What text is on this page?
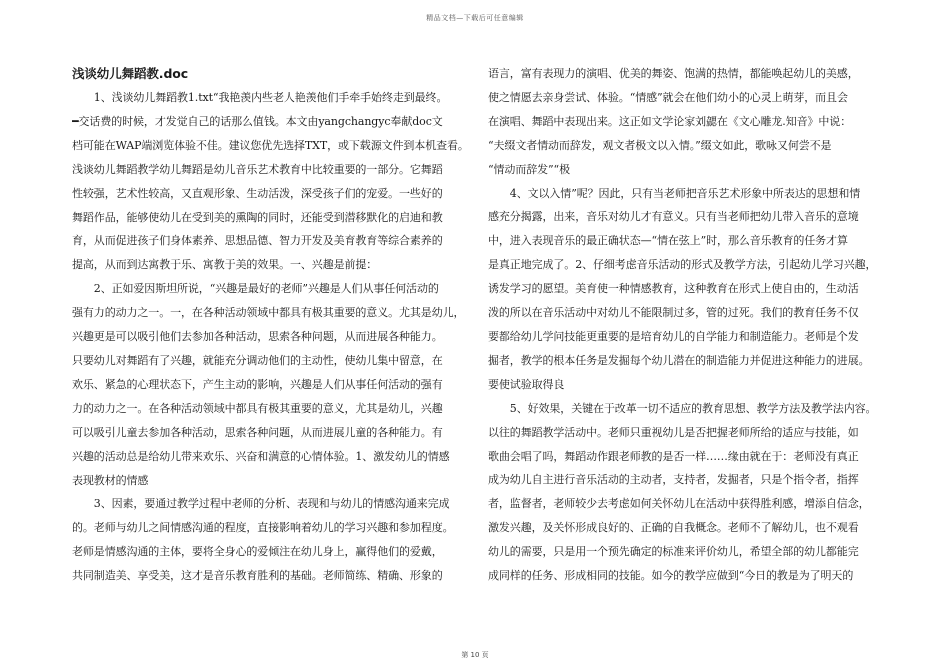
精品文档—下载后可任意编辑
浅谈幼儿舞蹈教.doc
　　1、浅谈幼儿舞蹈教1.txt“我艳羡内些老人艳羡他们手牵手始终走到最终。
━交话费的时候，才发觉自己的话那么值钱。本文由yangchangyc奉献doc文
档可能在WAP端浏览体验不佳。建议您优先选择TXT，或下载源文件到本机查看。
浅谈幼儿舞蹈教学幼儿舞蹈是幼儿音乐艺术教育中比较重要的一部分。它舞蹈
性较强，艺术性较高，又直观形象、生动活泼，深受孩子们的宠爱。一些好的
舞蹈作品，能够使幼儿在受到美的熏陶的同时，还能受到潜移默化的启迪和教
育，从而促进孩子们身体素养、思想品德、智力开发及美育教育等综合素养的
提高，从而到达寓教于乐、寓教于美的效果。一、兴趣是前提：
　　2、正如爱因斯坦所说，“兴趣是最好的老师”兴趣是人们从事任何活动的
强有力的动力之一。一，在各种活动领域中都具有极其重要的意义。尤其是幼儿，
兴趣更是可以吸引他们去参加各种活动，思索各种问题，从而进展各种能力。
只要幼儿对舞蹈有了兴趣，就能充分调动他们的主动性，使幼儿集中留意，在
欢乐、紧急的心理状态下，产生主动的影响，兴趣是人们从事任何活动的强有
力的动力之一。在各种活动领域中都具有极其重要的意义，尤其是幼儿，兴趣
可以吸引儿童去参加各种活动，思索各种问题，从而进展儿童的各种能力。有
兴趣的活动总是给幼儿带来欢乐、兴奋和满意的心情体验。1、激发幼儿的情感
表现教材的情感
　　3、因素，要通过教学过程中老师的分析、表现和与幼儿的情感沟通来完成
的。老师与幼儿之间情感沟通的程度，直接影响着幼儿的学习兴趣和参加程度。
老师是情感沟通的主体，要将全身心的爱倾注在幼儿身上，赢得他们的爱戴，
共同制造美、享受美，这才是音乐教育胜利的基础。老师简练、精确、形象的
语言，富有表现力的演唱、优美的舞姿、饱满的热情，都能唤起幼儿的美感，
使之情愿去亲身尝试、体验。“情感”就会在他们幼小的心灵上萌芽，而且会
在演唱、舞蹈中表现出来。这正如文学论家刘勰在《文心雕龙.知音》中说：
“夫缀文者情动而辞发，观文者极文以入情。”缀文如此，歌咏又何尝不是
“情动而辞发”“极
　　4、文以入情”呢？因此，只有当老师把音乐艺术形象中所表达的思想和情
感充分揭露，出来，音乐对幼儿才有意义。只有当老师把幼儿带入音乐的意境
中，进入表现音乐的最正确状态—“情在弦上”时，那么音乐教育的任务才算
是真正地完成了。2、仔细考虑音乐活动的形式及教学方法，引起幼儿学习兴趣，
诱发学习的愿望。美育使一种情感教育，这种教育在形式上使自由的，生动活
泼的所以在音乐活动中对幼儿不能限制过多，管的过死。我们的教育任务不仅
要都给幼儿学问技能更重要的是培育幼儿的自学能力和制造能力。老师是个发
掘者，教学的根本任务是发掘每个幼儿潜在的制造能力并促进这种能力的进展。
要使试验取得良
　　5、好效果，关键在于改革一切不适应的教育思想、教学方法及教学法内容。
以往的舞蹈教学活动中。老师只重视幼儿是否把握老师所给的适应与技能，如
歌曲会唱了吗，舞蹈动作跟老师教的是否一样……缘由就在于：老师没有真正
成为幼儿自主进行音乐活动的主动者，支持者，发掘者，只是个指令者，指挥
者，监督者，老师较少去考虑如何关怀幼儿在活动中获得胜利感，增添自信念，
激发兴趣，及关怀形成良好的、正确的自我概念。老师不了解幼儿，也不观看
幼儿的需要，只是用一个预先确定的标准来评价幼儿，希望全部的幼儿都能完
成同样的任务、形成相同的技能。如今的教学应做到“今日的教是为了明天的
第 10 页
